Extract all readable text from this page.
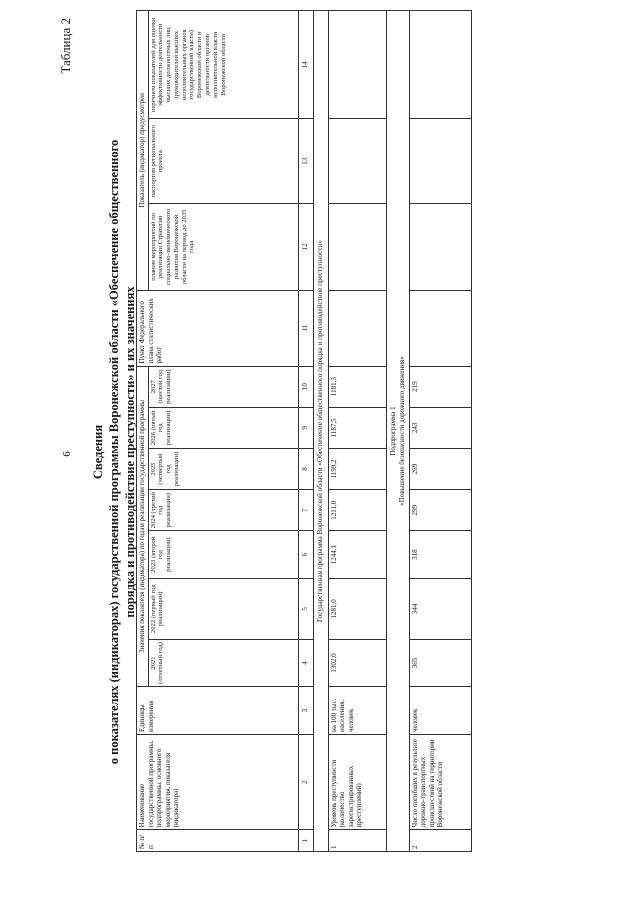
6
Таблица 2
Сведения о показателях (индикаторах) государственной программы Воронежской области «Обеспечение общественного порядка и противодействие преступности» и их значениях
№ п/п	Наименование государственной программы, подпрограммы, основного мероприятия, показателя (индикатора)	Единицы измерения	Значения показателя (индикатора) по годам реализации государственной программы							Пункт Федерального плана статистических работ	Показатель (индикатор) предусмотрен		
			2021 (отчетный год)	2022 (первый год реализации)	2023 (второй год реализации)	2024 (третий год реализации)	2025 (четвертый год реализации)	2026 (пятый год реализации)	2027 (шестой год реализации)		планом мероприятий по реализации Стратегии социально-экономического развития Воронежской области на период до 2035 года	паспортом регионального проекта	перечнем показателей для оценки эффективности деятельности высших должностных лиц (руководителей высших исполнительных органов государственной власти) Воронежской области и деятельности органов исполнительной власти Воронежской области
1	2	3	4	5	6	7	8	9	10	11	12	13	14
Государственная программа Воронежской области «Обеспечение общественного порядка и противодействие преступности»													
1	Уровень преступности (количество зарегистрированных преступлений)	на 100 тыс. населения, человек	1302,0	1281,0	1244,1	1211,0	1199,2	1187,5	1181,3				

Подпрограмма 1 «Повышение безопасности дорожного движения»													

2	Число погибших в результате дорожно-транспортных происшествий на территории Воронежской области	человек	365	344	318	299	269	243	219				
